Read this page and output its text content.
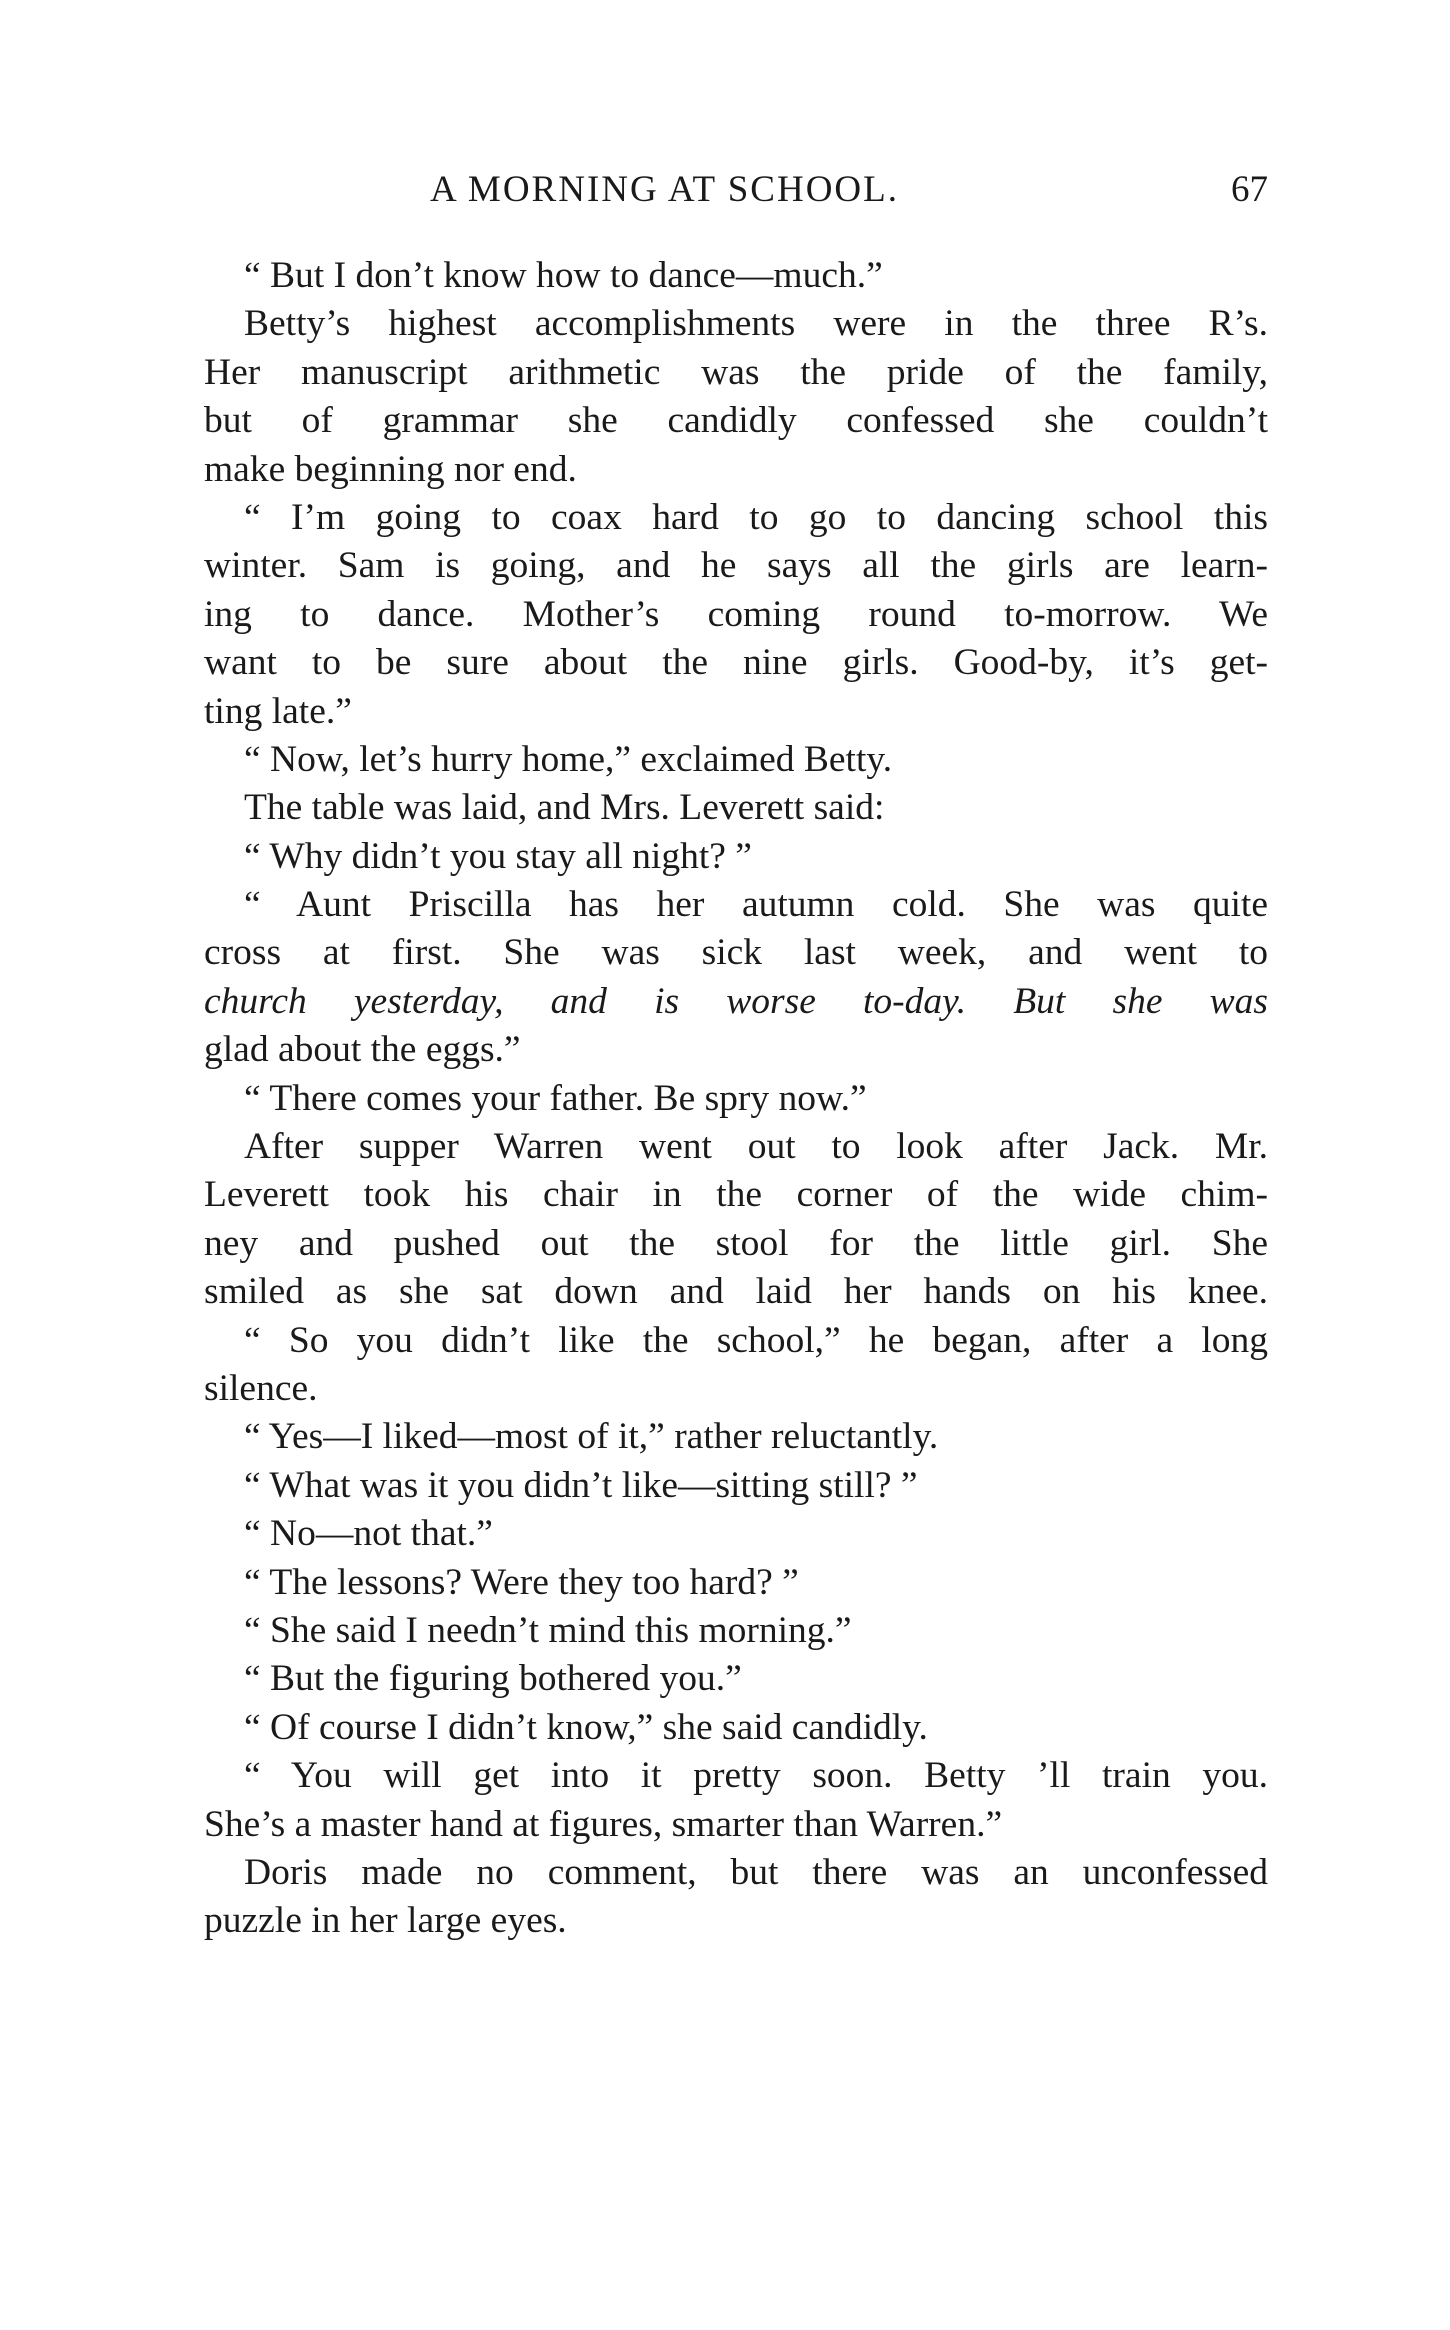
A MORNING AT SCHOOL.	67
“ But I don’t know how to dance—much.”
Betty’s highest accomplishments were in the three R’s.
Her manuscript arithmetic was the pride of the family,
but of grammar she candidly confessed she couldn’t
make beginning nor end.
“ I’m going to coax hard to go to dancing school this
winter. Sam is going, and he says all the girls are learn-
ing to dance. Mother’s coming round to-morrow. We
want to be sure about the nine girls. Good-by, it’s get-
ting late.”
“ Now, let’s hurry home,” exclaimed Betty.
The table was laid, and Mrs. Leverett said:
“ Why didn’t you stay all night? ”
“ Aunt Priscilla has her autumn cold. She was quite
cross at first. She was sick last week, and went to
church yesterday, and is worse to-day. But she was
glad about the eggs.”
“ There comes your father. Be spry now.”
After supper Warren went out to look after Jack. Mr.
Leverett took his chair in the corner of the wide chim-
ney and pushed out the stool for the little girl. She
smiled as she sat down and laid her hands on his knee.
“ So you didn’t like the school,” he began, after a long
silence.
“ Yes—I liked—most of it,” rather reluctantly.
“ What was it you didn’t like—sitting still? ”
“ No—not that.”
“ The lessons? Were they too hard? ”
“ She said I needn’t mind this morning.”
“ But the figuring bothered you.”
“ Of course I didn’t know,” she said candidly.
“ You will get into it pretty soon. Betty ’ll train you.
She’s a master hand at figures, smarter than Warren.”
Doris made no comment, but there was an unconfessed
puzzle in her large eyes.
